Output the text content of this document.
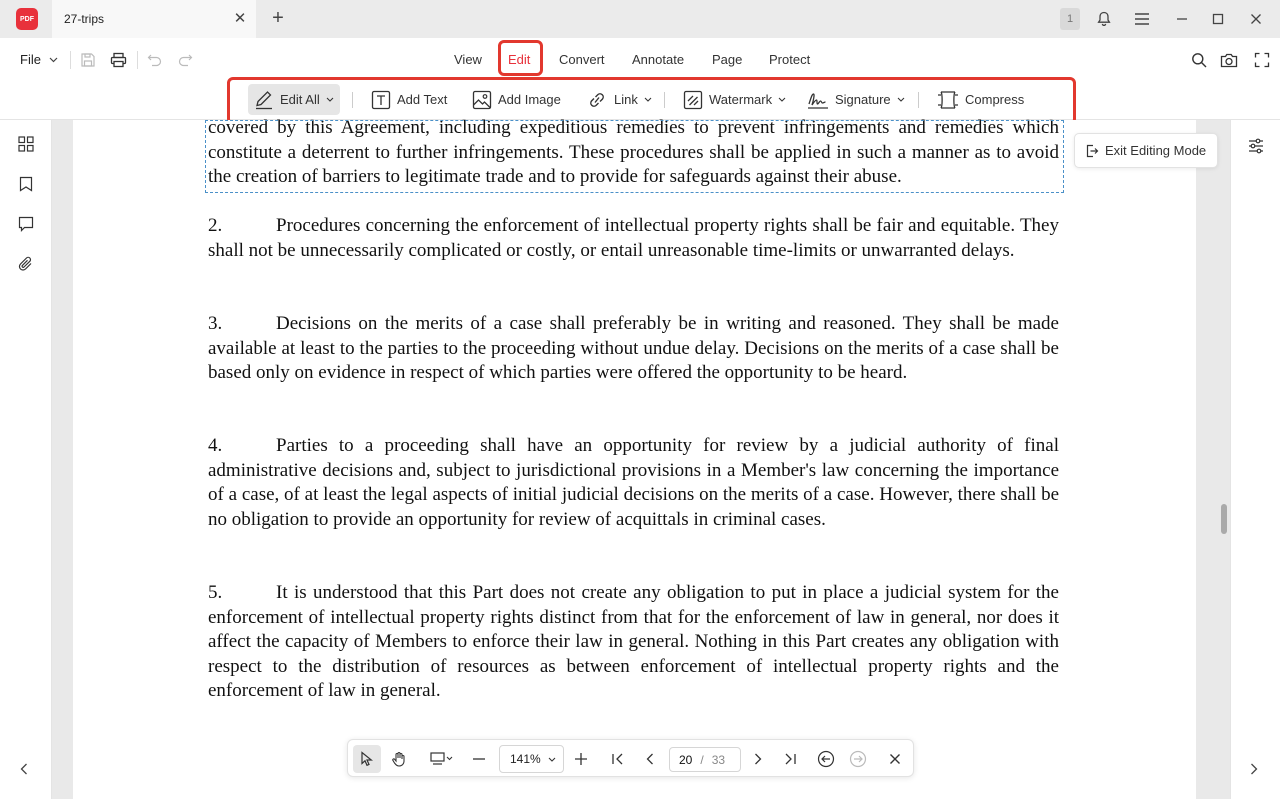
PDF	27-trips	✕ +	1
File	View Edit Convert Annotate Page Protect
Edit All	Add Text	Add Image	Link	Watermark	Signature	Compress
covered by this Agreement, including expeditious remedies to prevent infringements and remedies which constitute a deterrent to further infringements. These procedures shall be applied in such a manner as to avoid the creation of barriers to legitimate trade and to provide for safeguards against their abuse.
2.	Procedures concerning the enforcement of intellectual property rights shall be fair and equitable. They shall not be unnecessarily complicated or costly, or entail unreasonable time-limits or unwarranted delays.
3.	Decisions on the merits of a case shall preferably be in writing and reasoned. They shall be made available at least to the parties to the proceeding without undue delay. Decisions on the merits of a case shall be based only on evidence in respect of which parties were offered the opportunity to be heard.
4.	Parties to a proceeding shall have an opportunity for review by a judicial authority of final administrative decisions and, subject to jurisdictional provisions in a Member's law concerning the importance of a case, of at least the legal aspects of initial judicial decisions on the merits of a case. However, there shall be no obligation to provide an opportunity for review of acquittals in criminal cases.
5.	It is understood that this Part does not create any obligation to put in place a judicial system for the enforcement of intellectual property rights distinct from that for the enforcement of law in general, nor does it affect the capacity of Members to enforce their law in general. Nothing in this Part creates any obligation with respect to the distribution of resources as between enforcement of intellectual property rights and the enforcement of law in general.
Exit Editing Mode
141%	20 / 33
